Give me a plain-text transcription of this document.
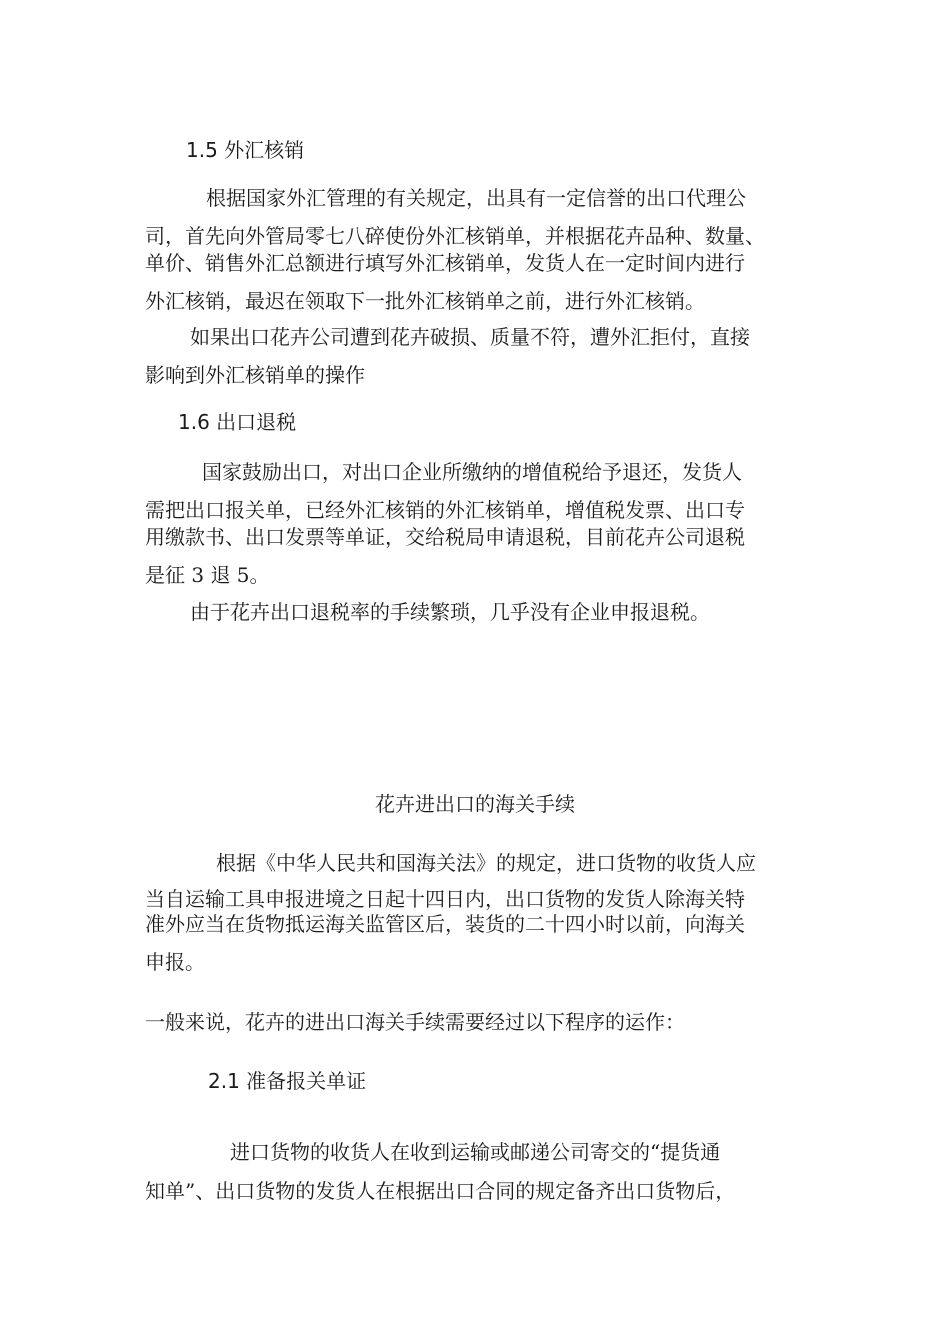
1.5 外汇核销
根据国家外汇管理的有关规定，出具有一定信誉的出口代理公
司，首先向外管局零七八碎使份外汇核销单，并根据花卉品种、数量、
单价、销售外汇总额进行填写外汇核销单，发货人在一定时间内进行
外汇核销，最迟在领取下一批外汇核销单之前，进行外汇核销。
如果出口花卉公司遭到花卉破损、质量不符，遭外汇拒付，直接
影响到外汇核销单的操作
1.6 出口退税
国家鼓励出口，对出口企业所缴纳的增值税给予退还，发货人
需把出口报关单，已经外汇核销的外汇核销单，增值税发票、出口专
用缴款书、出口发票等单证，交给税局申请退税，目前花卉公司退税
是征 3 退 5。
由于花卉出口退税率的手续繁琐，几乎没有企业申报退税。
花卉进出口的海关手续
根据《中华人民共和国海关法》的规定，进口货物的收货人应
当自运输工具申报进境之日起十四日内，出口货物的发货人除海关特
准外应当在货物抵运海关监管区后，装货的二十四小时以前，向海关
申报。
一般来说，花卉的进出口海关手续需要经过以下程序的运作：
2.1 准备报关单证
进口货物的收货人在收到运输或邮递公司寄交的“提货通
知单”、出口货物的发货人在根据出口合同的规定备齐出口货物后，
